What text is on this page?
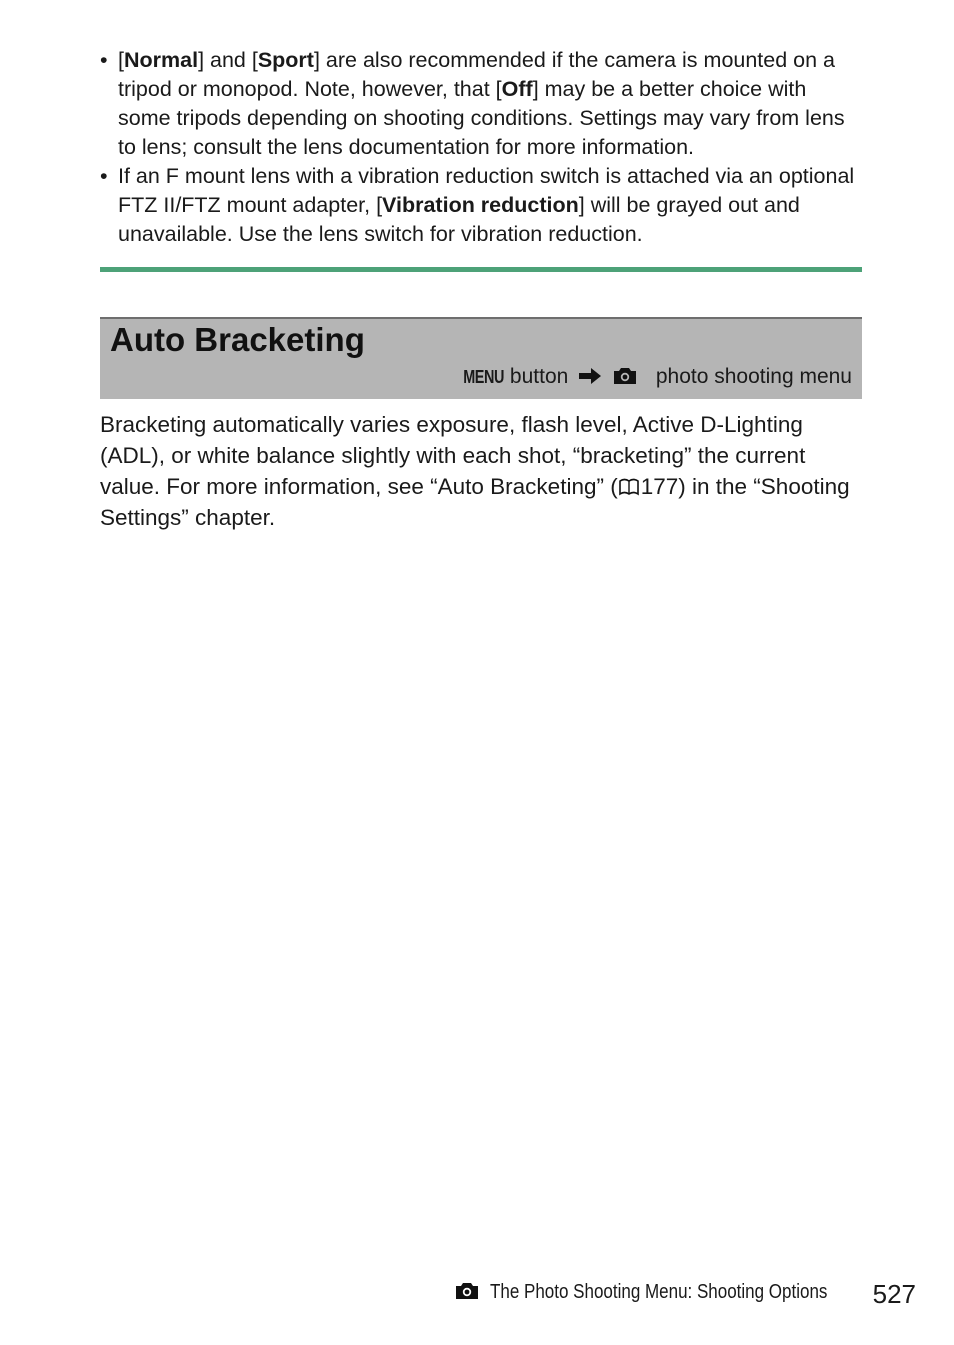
• [Normal] and [Sport] are also recommended if the camera is mounted on a tripod or monopod. Note, however, that [Off] may be a better choice with some tripods depending on shooting conditions. Settings may vary from lens to lens; consult the lens documentation for more information.
• If an F mount lens with a vibration reduction switch is attached via an optional FTZ II/FTZ mount adapter, [Vibration reduction] will be grayed out and unavailable. Use the lens switch for vibration reduction.
Auto Bracketing
MENU button	photo shooting menu

Bracketing automatically varies exposure, flash level, Active D-Lighting (ADL), or white balance slightly with each shot, “bracketing” the current value. For more information, see “Auto Bracketing” ( 177) in the “Shooting Settings” chapter.

The Photo Shooting Menu: Shooting Options	527
